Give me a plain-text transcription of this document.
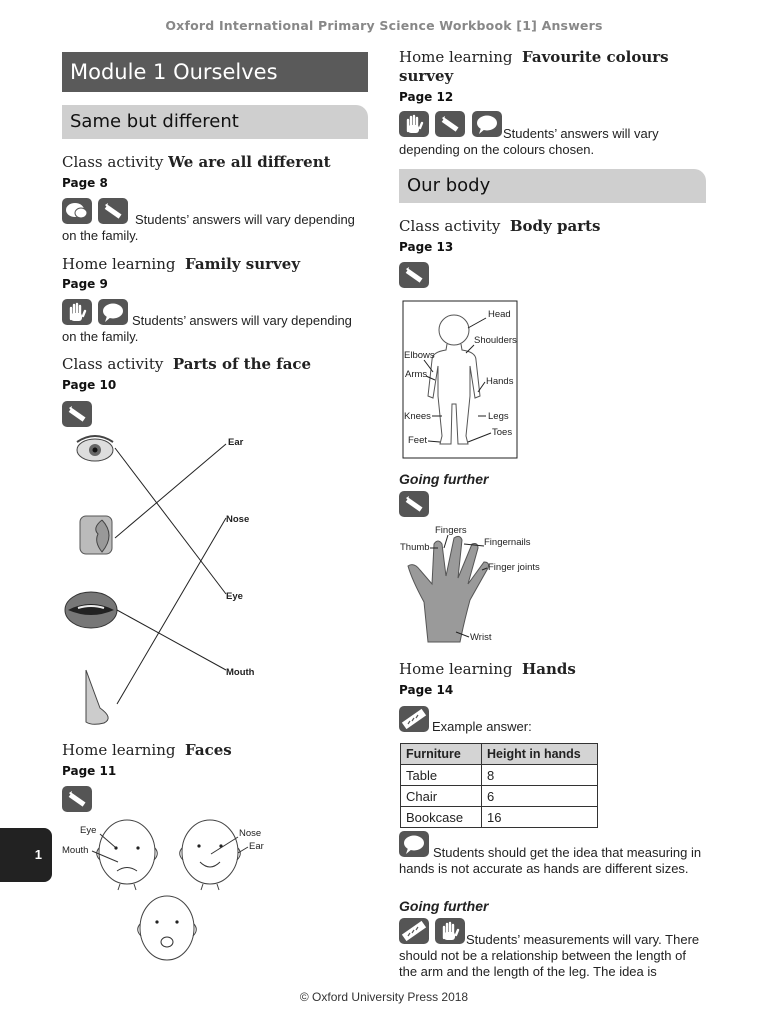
Oxford International Primary Science Workbook [1] Answers
Module 1 Ourselves
Same but different
Class activity We are all different
Page 8

Students’ answers will vary depending on the family.
Home learning Family survey
Page 9

Students’ answers will vary depending on the family.
Class activity Parts of the face
Page 10
Ear
Nose
Eye
Mouth
Home learning Faces
Page 11
Eye
Mouth
Nose
Ear
1
Home learning Favourite colours
survey
Page 12

Students’ answers will vary depending on the colours chosen.
Our body
Class activity Body parts
Page 13
Head
Shoulders
Elbows
Arms
Hands
Knees	Legs
Toes
Feet
Going further
Fingers
Thumb	Fingernails
Finger joints
Wrist
Home learning Hands
Page 14
Example answer:
Furniture	Height in hands
Table	8
Chair	6
Bookcase	16
Students should get the idea that measuring in hands is not accurate as hands are different sizes.
Going further

Students’ measurements will vary. There should not be a relationship between the length of the arm and the length of the leg. The idea is
© Oxford University Press 2018
